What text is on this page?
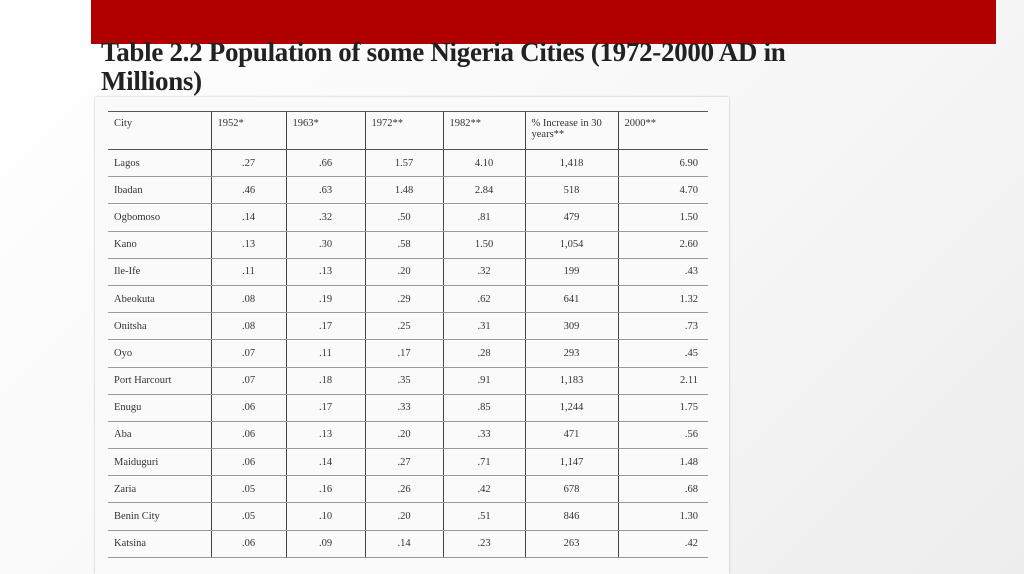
Table 2.2 Population of some Nigeria Cities (1972-2000 AD in Millions)
City	1952*	1963*	1972**	1982**	% Increase in 30 years**	2000**
Lagos	.27	.66	1.57	4.10	1,418	6.90
Ibadan	.46	.63	1.48	2.84	518	4.70
Ogbomoso	.14	.32	.50	.81	479	1.50
Kano	.13	.30	.58	1.50	1,054	2.60
Ile-Ife	.11	.13	.20	.32	199	.43
Abeokuta	.08	.19	.29	.62	641	1.32
Onitsha	.08	.17	.25	.31	309	.73
Oyo	.07	.11	.17	.28	293	.45
Port Harcourt	.07	.18	.35	.91	1,183	2.11
Enugu	.06	.17	.33	.85	1,244	1.75
Aba	.06	.13	.20	.33	471	.56
Maiduguri	.06	.14	.27	.71	1,147	1.48
Zaria	.05	.16	.26	.42	678	.68
Benin City	.05	.10	.20	.51	846	1.30
Katsina	.06	.09	.14	.23	263	.42
